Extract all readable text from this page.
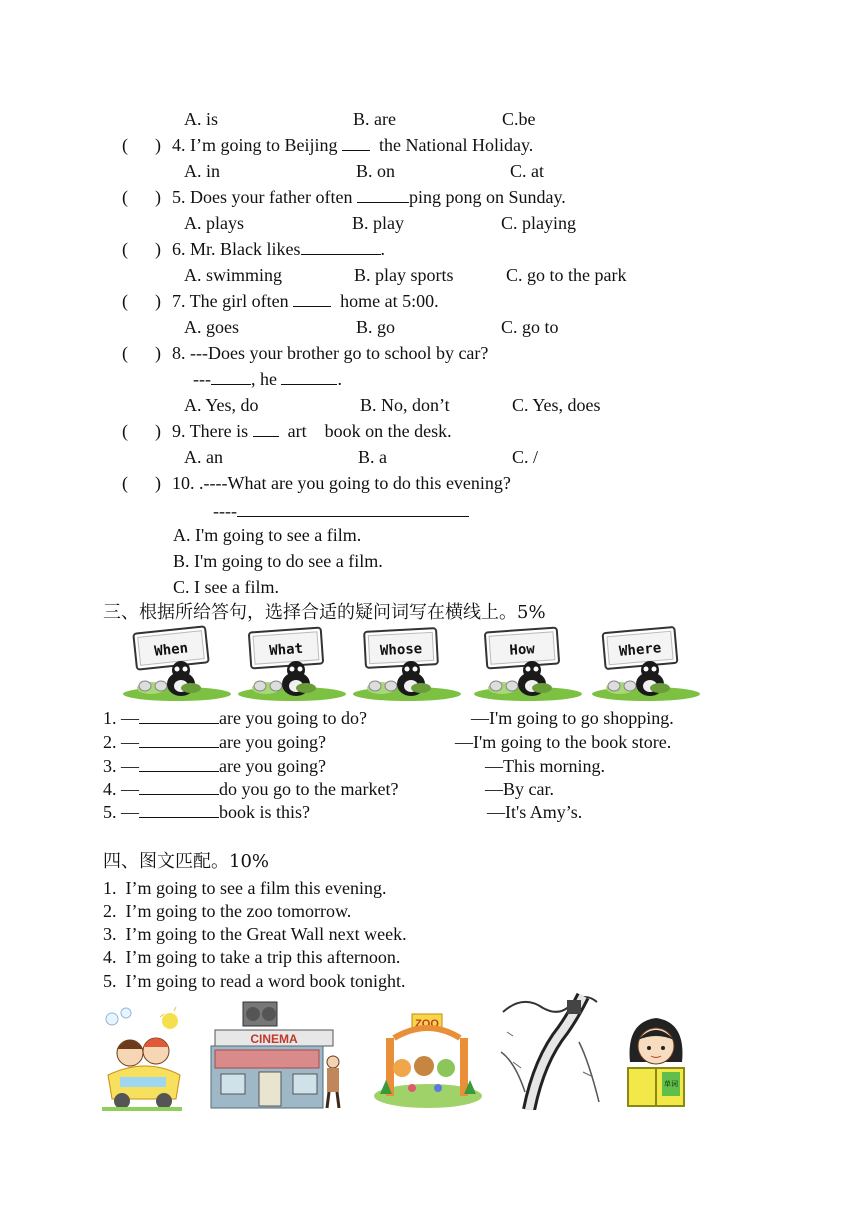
A. is	B. are	C.be
(      ) 4. I’m going to Beijing   the National Holiday.
A. in	B. on	C. at
(      ) 5. Does your father often	ping pong on Sunday.
A. plays	B. play	C. playing
(      ) 6. Mr. Black likes	.
A. swimming	B. play sports	C. go to the park
(      ) 7. The girl often   home at 5:00.
A. goes	B. go	C. go to
(      ) 8. ---Does your brother go to school by car?
--- , he	.
A. Yes, do	B. No, don’t	C. Yes, does
(      ) 9. There is   art    book on the desk.
A. an	B. a	C. /
(      ) 10. .----What are you going to do this evening?
----
A. I'm going to see a film.
B. I'm going to do see a film.
C. I see a film.
三、根据所给答句，选择合适的疑问词写在横线上。5%
When	What	Whose	How	Where
1. —	are you going to do?	—I'm going to go shopping.
2. —	are you going?	—I'm going to the book store.
3. —	are you going?	—This morning.
4. —	do you go to the market?	—By car.
5. —	book is this?	—It's Amy’s.
四、图文匹配。10%
1.  I’m going to see a film this evening.
2.  I’m going to the zoo tomorrow.
3.  I’m going to the Great Wall next week.
4.  I’m going to take a trip this afternoon.
5.  I’m going to read a word book tonight.
CINEMA
ZOO
单词
